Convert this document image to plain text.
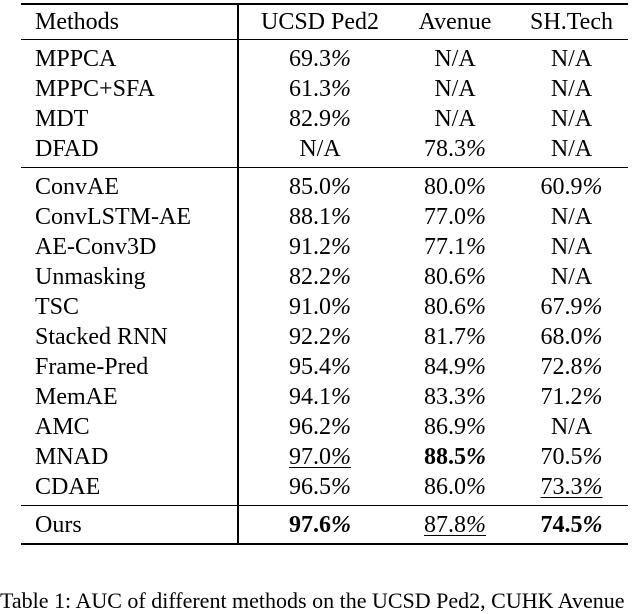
Methods		UCSD Ped2	Avenue	SH.Tech
MPPCA		69.3%	N/A	N/A
MPPC+SFA		61.3%	N/A	N/A
MDT		82.9%	N/A	N/A
DFAD		N/A	78.3%	N/A
ConvAE		85.0%	80.0%	60.9%
ConvLSTM-AE		88.1%	77.0%	N/A
AE-Conv3D		91.2%	77.1%	N/A
Unmasking		82.2%	80.6%	N/A
TSC		91.0%	80.6%	67.9%
Stacked RNN		92.2%	81.7%	68.0%
Frame-Pred		95.4%	84.9%	72.8%
MemAE		94.1%	83.3%	71.2%
AMC		96.2%	86.9%	N/A
MNAD		97.0%	88.5%	70.5%
CDAE		96.5%	86.0%	73.3%
Ours		97.6%	87.8%	74.5%
Table 1: AUC of different methods on the UCSD Ped2, CUHK Avenue
